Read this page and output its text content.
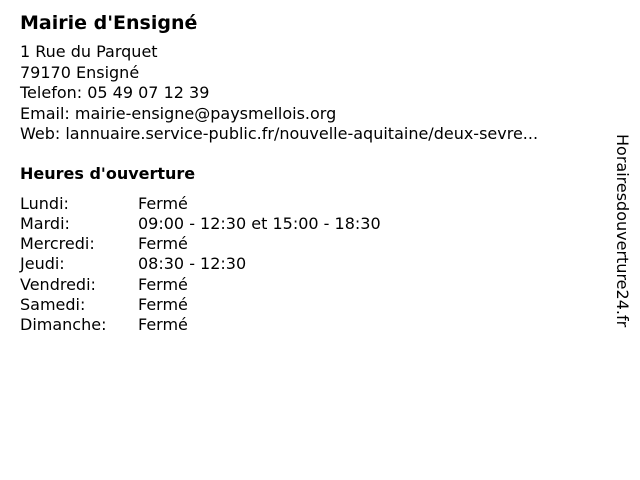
Mairie d'Ensigné
1 Rue du Parquet
79170 Ensigné
Telefon: 05 49 07 12 39
Email: mairie-ensigne@paysmellois.org
Web: lannuaire.service-public.fr/nouvelle-aquitaine/deux-sevre...
Heures d'ouverture
Lundi:	Fermé
Mardi:	09:00 - 12:30 et 15:00 - 18:30
Mercredi:	Fermé
Jeudi:	08:30 - 12:30
Vendredi:	Fermé
Samedi:	Fermé
Dimanche:	Fermé	Horairesdouverture24.fr
